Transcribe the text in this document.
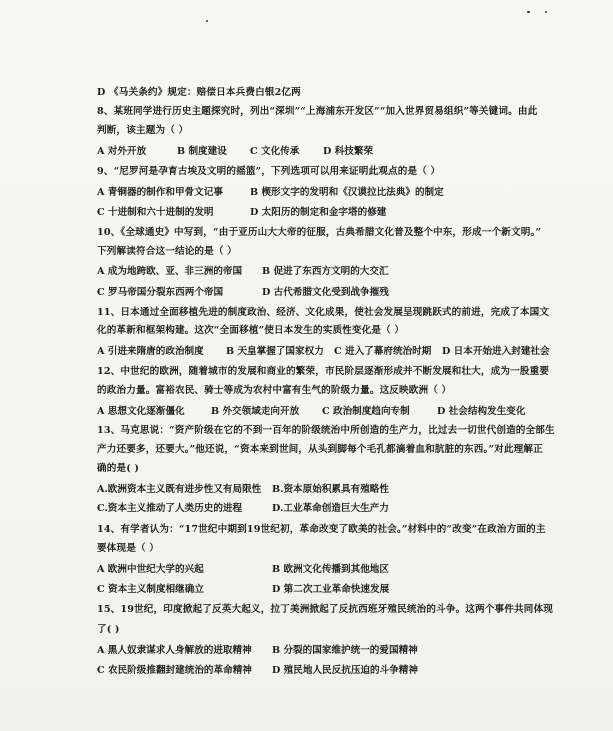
D 《马关条约》规定：赔偿日本兵费白银2亿两
8、某班同学进行历史主题探究时，列出“深圳”“上海浦东开发区”“加入世界贸易组织”等关键词。由此
判断，该主题为（ ）
A 对外开放	B 制度建设 C 文化传承 D 科技繁荣
9、“尼罗河是孕育古埃及文明的摇篮”，下列选项可以用来证明此观点的是（ ）
A 青铜器的制作和甲骨文记事	B 楔形文字的发明和《汉谟拉比法典》的制定
C 十进制和六十进制的发明	D 太阳历的制定和金字塔的修建
10、《全球通史》中写到，“由于亚历山大大帝的征服，古典希腊文化普及整个中东，形成一个新文明。”
下列解读符合这一结论的是（ ）
A 成为地跨欧、亚、非三洲的帝国 B 促进了东西方文明的大交汇
C 罗马帝国分裂东西两个帝国	D 古代希腊文化受到战争摧残
11、日本通过全面移植先进的制度政治、经济、文化成果，使社会发展呈现跳跃式的前进，完成了本国文
化的革新和框架构建。这次“全面移植”使日本发生的实质性变化是（ ）
A 引进来隋唐的政治制度 B 天皇掌握了国家权力 C 进入了幕府统治时期 D 日本开始进入封建社会
12、中世纪的欧洲，随着城市的发展和商业的繁荣，市民阶层逐渐形成并不断发展和壮大，成为一股重要
的政治力量。富裕农民、骑士等成为农村中富有生气的阶级力量。这反映欧洲（ ）
A 思想文化逐渐僵化	B 外交领域走向开放 C 政治制度趋向专制	D 社会结构发生变化
13、马克思说：“资产阶级在它的不到一百年的阶级统治中所创造的生产力，比过去一切世代创造的全部生
产力还要多，还要大。”他还说，“资本来到世间，从头到脚每个毛孔都滴着血和肮脏的东西。”对此理解正
确的是( )
A.欧洲资本主义既有进步性又有局限性 B.资本原始积累具有殖略性
C.资本主义推动了人类历史的进程	D.工业革命创造巨大生产力
14、有学者认为：“17世纪中期到19世纪初，革命改变了欧美的社会。”材料中的“改变”在政治方面的主
要体现是（ ）
A 欧洲中世纪大学的兴起	B 欧洲文化传播到其他地区
C 资本主义制度相继确立	D 第二次工业革命快速发展
15、19世纪，印度掀起了反英大起义，拉丁美洲掀起了反抗西班牙殖民统治的斗争。这两个事件共同体现
了( )
A 黑人奴隶谋求人身解放的进取精神 B 分裂的国家维护统一的爱国精神
C 农民阶级推翻封建统治的革命精神 D 殖民地人民反抗压迫的斗争精神
